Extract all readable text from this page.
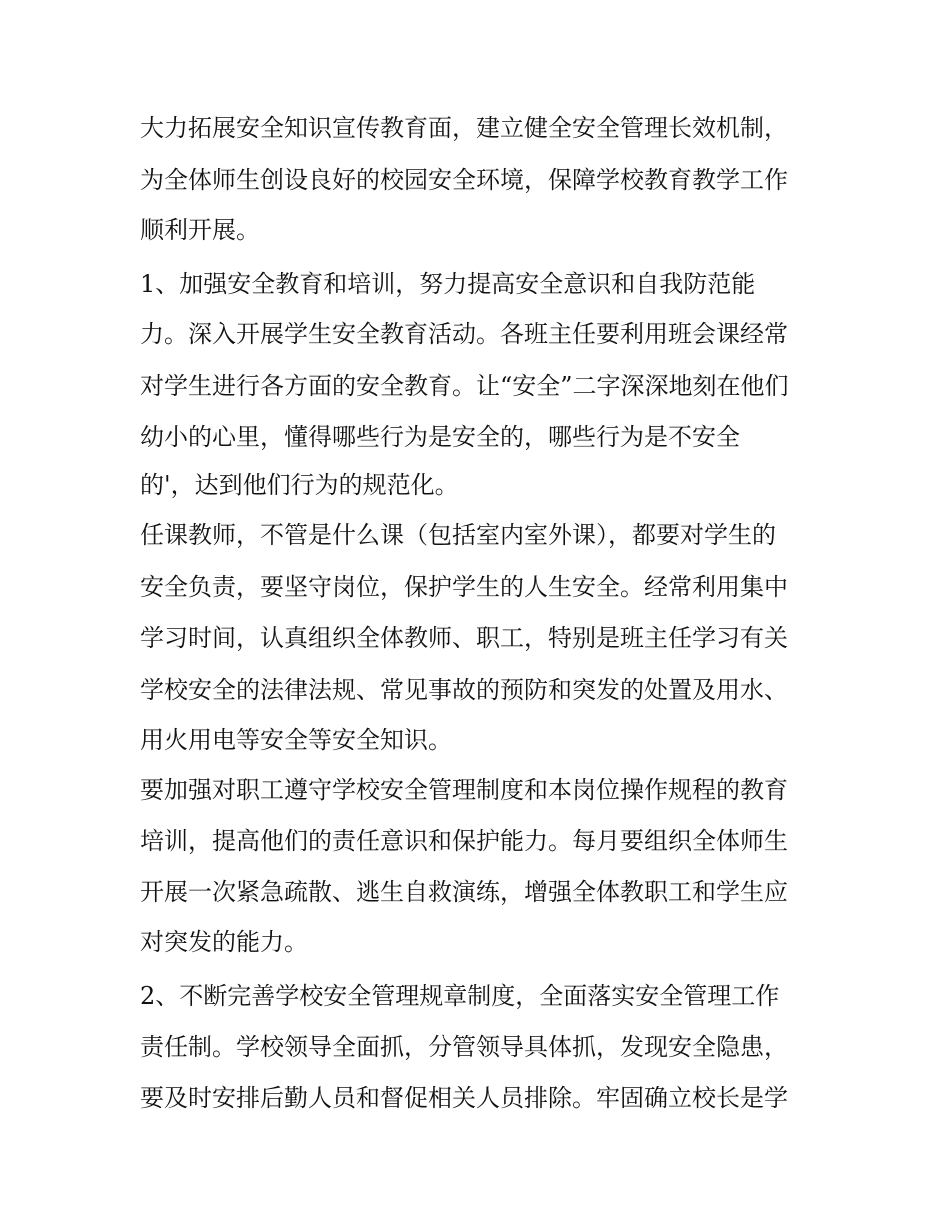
大力拓展安全知识宣传教育面，建立健全安全管理长效机制，
为全体师生创设良好的校园安全环境，保障学校教育教学工作
顺利开展。
1、加强安全教育和培训，努力提高安全意识和自我防范能
力。深入开展学生安全教育活动。各班主任要利用班会课经常
对学生进行各方面的安全教育。让“安全”二字深深地刻在他们
幼小的心里，懂得哪些行为是安全的，哪些行为是不安全
的'，达到他们行为的规范化。
任课教师，不管是什么课（包括室内室外课），都要对学生的
安全负责，要坚守岗位，保护学生的人生安全。经常利用集中
学习时间，认真组织全体教师、职工，特别是班主任学习有关
学校安全的法律法规、常见事故的预防和突发的处置及用水、
用火用电等安全等安全知识。
要加强对职工遵守学校安全管理制度和本岗位操作规程的教育
培训，提高他们的责任意识和保护能力。每月要组织全体师生
开展一次紧急疏散、逃生自救演练，增强全体教职工和学生应
对突发的能力。
2、不断完善学校安全管理规章制度，全面落实安全管理工作
责任制。学校领导全面抓，分管领导具体抓，发现安全隐患，
要及时安排后勤人员和督促相关人员排除。牢固确立校长是学
